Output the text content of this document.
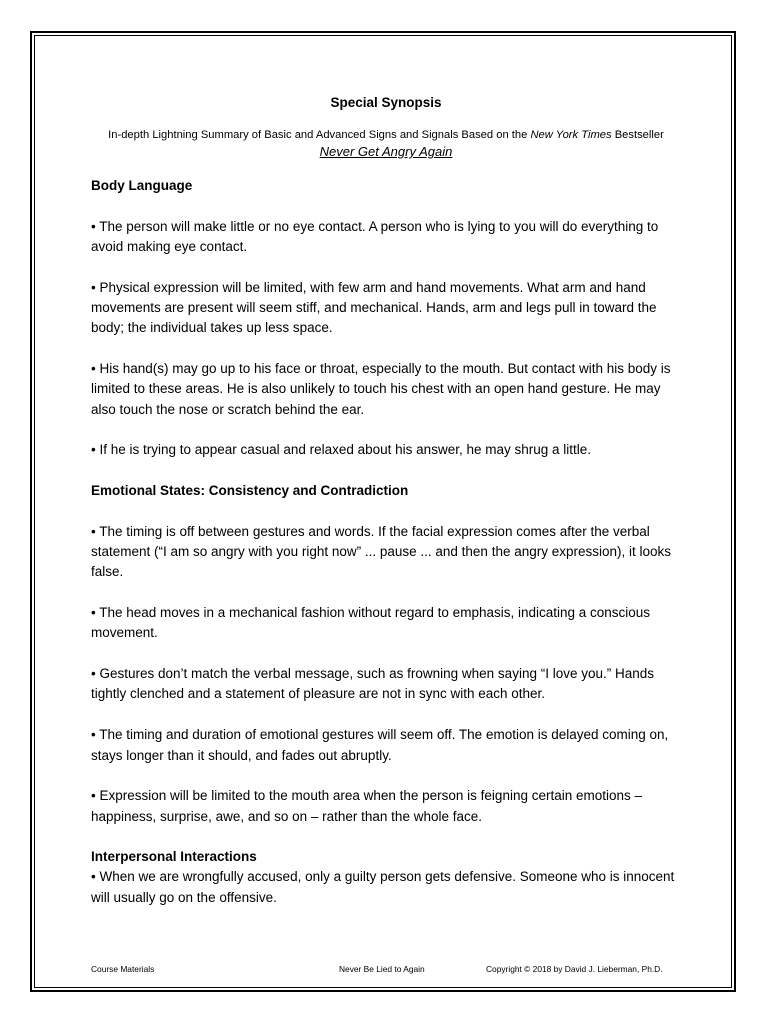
Special Synopsis

In-depth Lightning Summary of Basic and Advanced Signs and Signals Based on the New York Times Bestseller

Never Get Angry Again

Body Language

• The person will make little or no eye contact. A person who is lying to you will do everything to avoid making eye contact.

• Physical expression will be limited, with few arm and hand movements. What arm and hand movements are present will seem stiff, and mechanical. Hands, arm and legs pull in toward the body; the individual takes up less space.

• His hand(s) may go up to his face or throat, especially to the mouth. But contact with his body is limited to these areas. He is also unlikely to touch his chest with an open hand gesture. He may also touch the nose or scratch behind the ear.

• If he is trying to appear casual and relaxed about his answer, he may shrug a little.

Emotional States: Consistency and Contradiction

• The timing is off between gestures and words. If the facial expression comes after the verbal statement (“I am so angry with you right now” ... pause ... and then the angry expression), it looks false.

• The head moves in a mechanical fashion without regard to emphasis, indicating a conscious movement.

• Gestures don’t match the verbal message, such as frowning when saying “I love you.” Hands tightly clenched and a statement of pleasure are not in sync with each other.

• The timing and duration of emotional gestures will seem off. The emotion is delayed coming on, stays longer than it should, and fades out abruptly.

• Expression will be limited to the mouth area when the person is feigning certain emotions – happiness, surprise, awe, and so on – rather than the whole face.

Interpersonal Interactions

• When we are wrongfully accused, only a guilty person gets defensive. Someone who is innocent will usually go on the offensive.

Course Materials	Never Be Lied to Again	Copyright © 2018 by David J. Lieberman, Ph.D.
